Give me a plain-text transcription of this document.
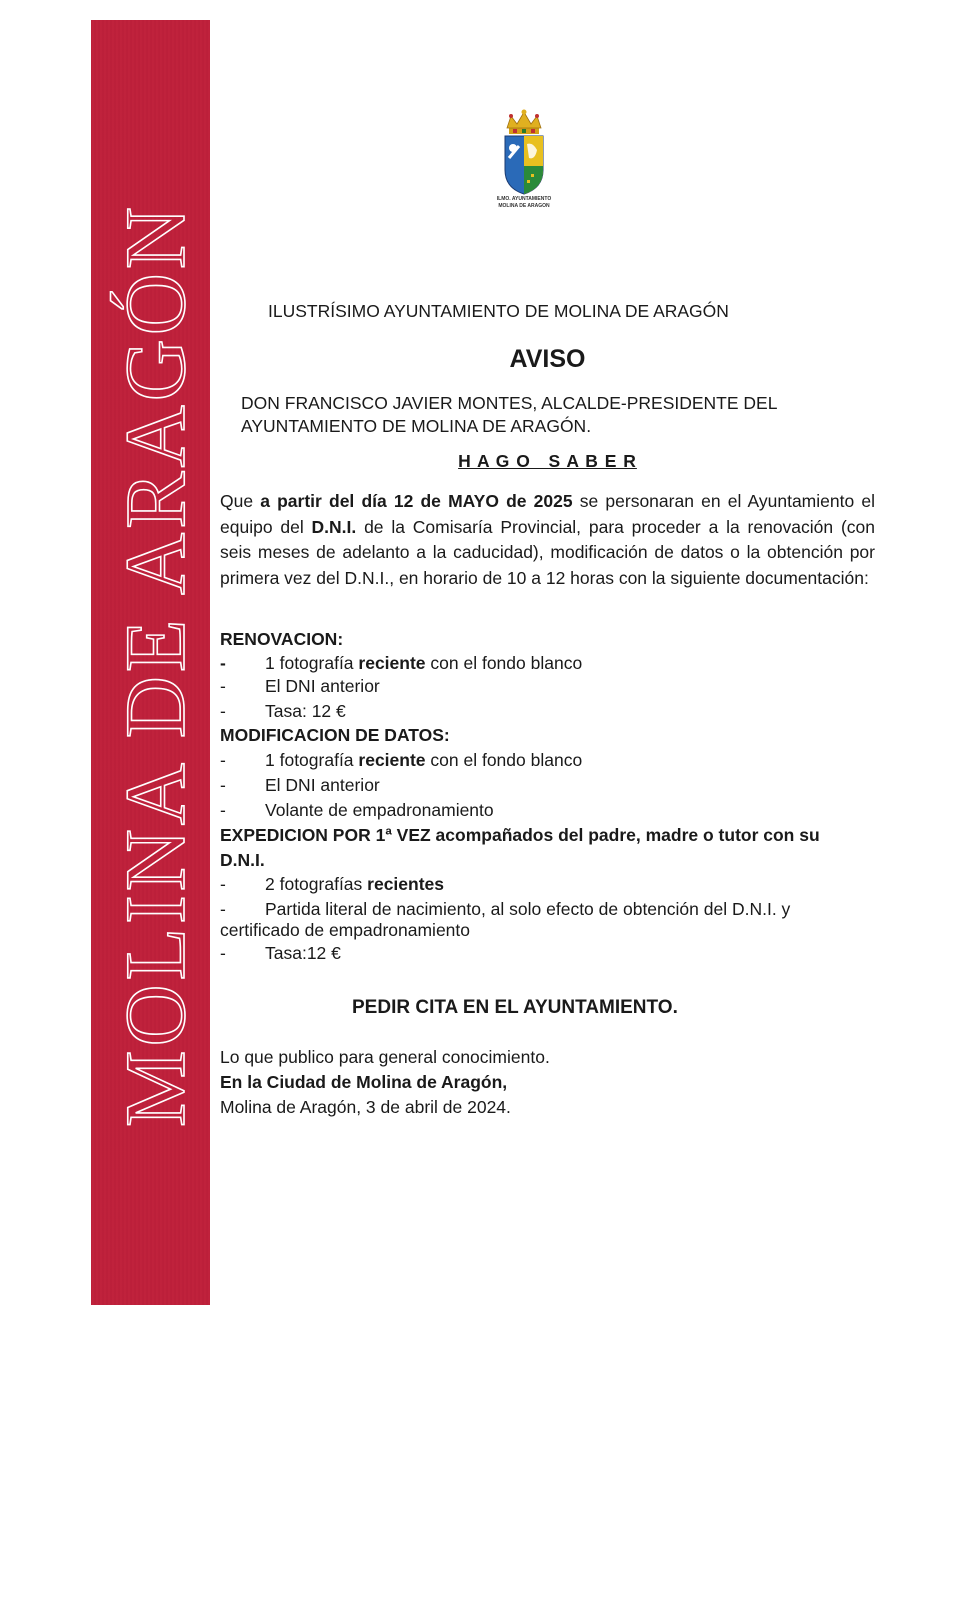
MOLINA DE ARAGÓN
ILMO. AYUNTAMIENTO
MOLINA DE ARAGON
ILUSTRÍSIMO AYUNTAMIENTO DE MOLINA DE ARAGÓN
AVISO
DON FRANCISCO JAVIER MONTES, ALCALDE-PRESIDENTE DEL
AYUNTAMIENTO DE MOLINA DE ARAGÓN.
H A G O   S A B E R
Que a partir del día 12 de MAYO de 2025 se personaran en el Ayuntamiento el equipo del D.N.I. de la Comisaría Provincial, para proceder a la renovación (con seis meses de adelanto a la caducidad), modificación de datos o la obtención por primera vez del D.N.I., en horario de 10 a 12 horas con la siguiente documentación:
RENOVACION:
- 1 fotografía reciente con el fondo blanco
- El DNI anterior
- Tasa: 12 €
MODIFICACION DE DATOS:
- 1 fotografía reciente con el fondo blanco
- El DNI anterior
- Volante de empadronamiento
EXPEDICION POR 1ª VEZ acompañados del padre, madre o tutor con su
D.N.I.
- 2 fotografías recientes
- Partida literal de nacimiento, al solo efecto de obtención del D.N.I. y
certificado de empadronamiento
- Tasa:12 €
PEDIR CITA EN EL AYUNTAMIENTO.
Lo que publico para general conocimiento.
En la Ciudad de Molina de Aragón,
Molina de Aragón, 3 de abril de 2024.
